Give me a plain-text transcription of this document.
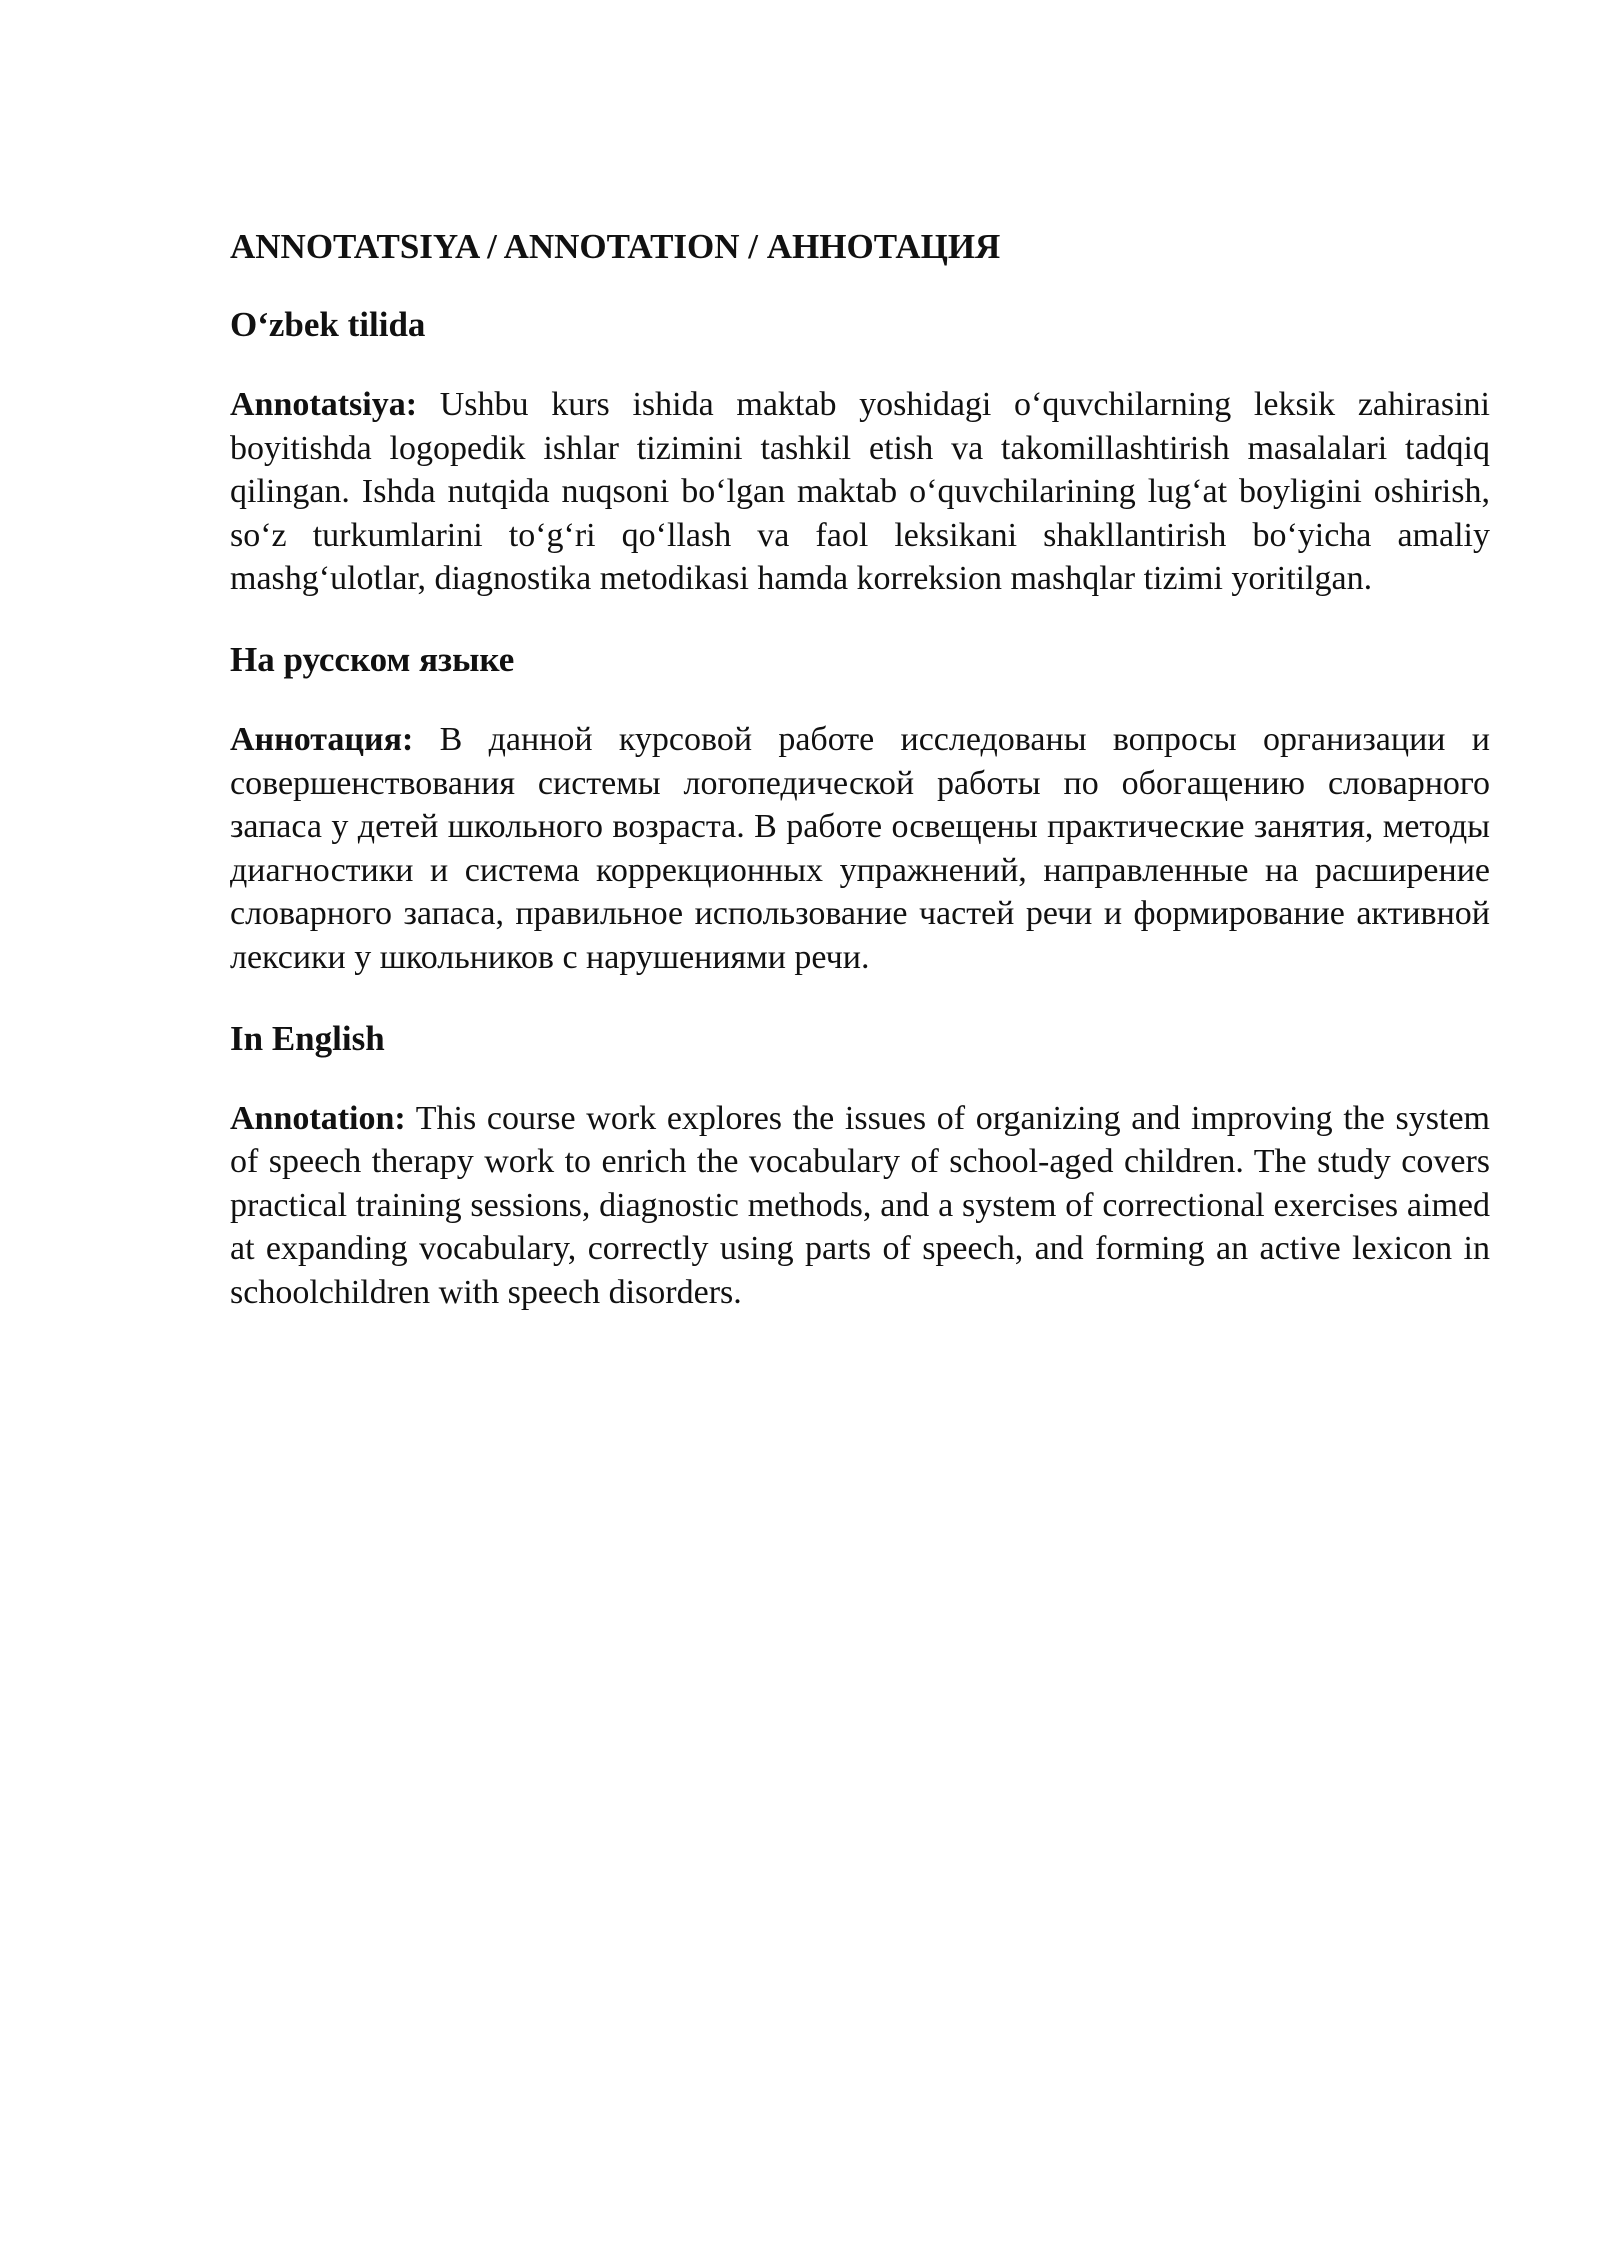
ANNOTATSIYA / ANNOTATION / АННОТАЦИЯ
Oʻzbek tilida

Annotatsiya: Ushbu kurs ishida maktab yoshidagi oʻquvchilarning leksik zahirasini boyitishda logopedik ishlar tizimini tashkil etish va takomillashtirish masalalari tadqiq qilingan. Ishda nutqida nuqsoni boʻlgan maktab oʻquvchilarining lugʻat boyligini oshirish, soʻz turkumlarini toʻgʻri qoʻllash va faol leksikani shakllantirish boʻyicha amaliy mashgʻulotlar, diagnostika metodikasi hamda korreksion mashqlar tizimi yoritilgan.

На русском языке

Аннотация: В данной курсовой работе исследованы вопросы организации и совершенствования системы логопедической работы по обогащению словарного запаса у детей школьного возраста. В работе освещены практические занятия, методы диагностики и система коррекционных упражнений, направленные на расширение словарного запаса, правильное использование частей речи и формирование активной лексики у школьников с нарушениями речи.

In English

Annotation: This course work explores the issues of organizing and improving the system of speech therapy work to enrich the vocabulary of school-aged children. The study covers practical training sessions, diagnostic methods, and a system of correctional exercises aimed at expanding vocabulary, correctly using parts of speech, and forming an active lexicon in schoolchildren with speech disorders.
